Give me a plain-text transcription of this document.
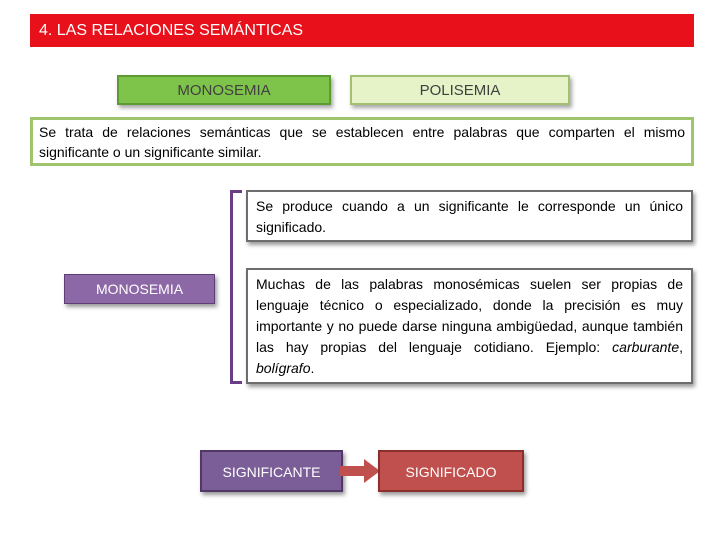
4. LAS RELACIONES SEMÁNTICAS
MONOSEMIA	POLISEMIA
Se trata de relaciones semánticas que se establecen entre palabras que comparten el mismo significante o un significante similar.
MONOSEMIA
Se produce cuando a un significante le corresponde un único significado.
Muchas de las palabras monosémicas suelen ser propias de lenguaje técnico o especializado, donde la precisión es muy importante y no puede darse ninguna ambigüedad, aunque también las hay propias del lenguaje cotidiano. Ejemplo: carburante, bolígrafo.
SIGNIFICANTE	SIGNIFICADO
